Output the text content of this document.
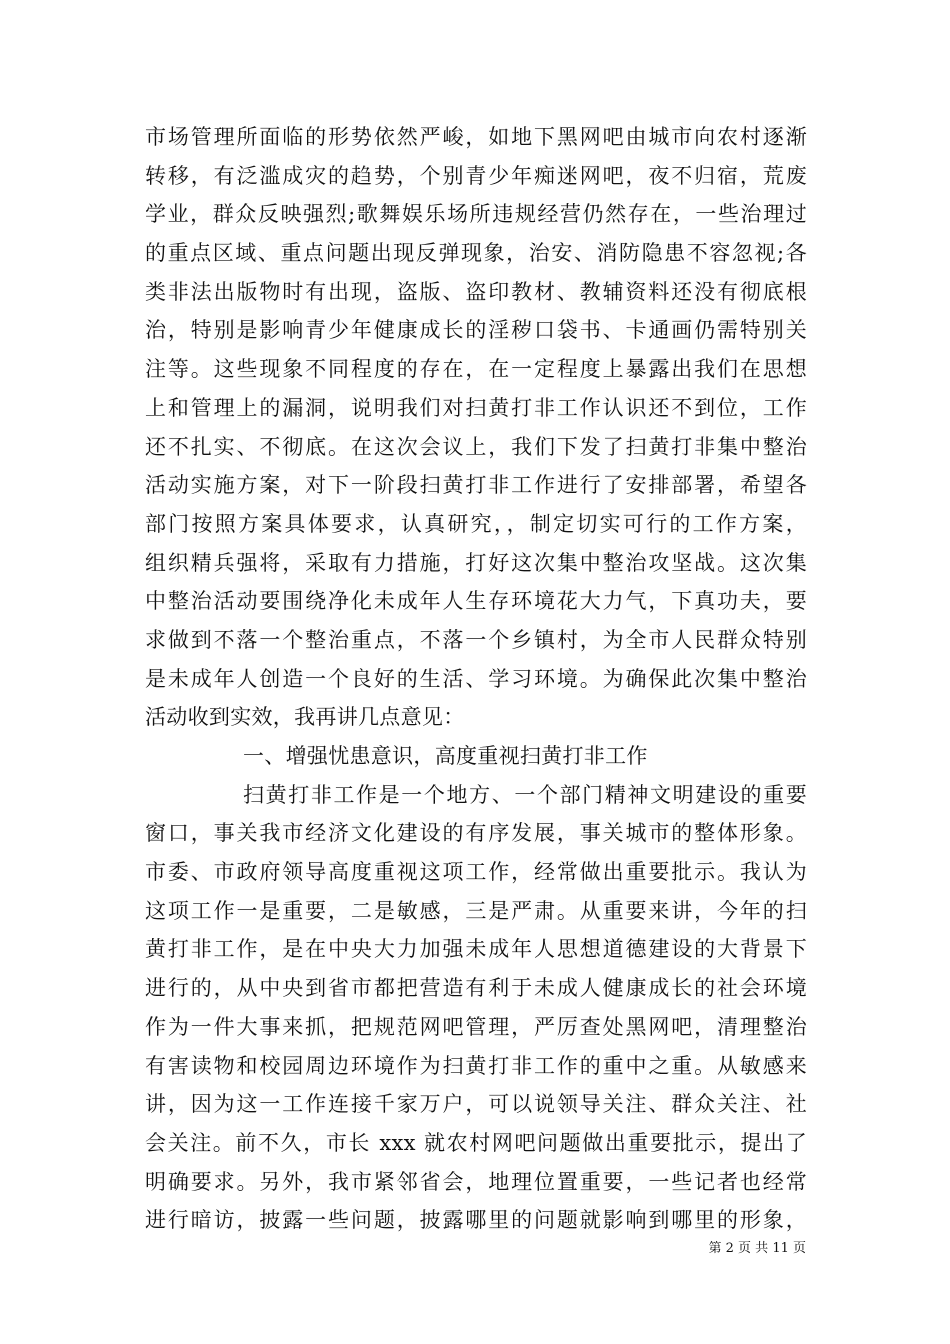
市场管理所面临的形势依然严峻，如地下黑网吧由城市向农村逐渐
转移，有泛滥成灾的趋势，个别青少年痴迷网吧，夜不归宿，荒废
学业，群众反映强烈;歌舞娱乐场所违规经营仍然存在，一些治理过
的重点区域、重点问题出现反弹现象，治安、消防隐患不容忽视;各
类非法出版物时有出现，盗版、盗印教材、教辅资料还没有彻底根
治，特别是影响青少年健康成长的淫秽口袋书、卡通画仍需特别关
注等。这些现象不同程度的存在，在一定程度上暴露出我们在思想
上和管理上的漏洞，说明我们对扫黄打非工作认识还不到位，工作
还不扎实、不彻底。在这次会议上，我们下发了扫黄打非集中整治
活动实施方案，对下一阶段扫黄打非工作进行了安排部署，希望各
部门按照方案具体要求，认真研究，，制定切实可行的工作方案，
组织精兵强将，采取有力措施，打好这次集中整治攻坚战。这次集
中整治活动要围绕净化未成年人生存环境花大力气，下真功夫，要
求做到不落一个整治重点，不落一个乡镇村，为全市人民群众特别
是未成年人创造一个良好的生活、学习环境。为确保此次集中整治
活动收到实效，我再讲几点意见：
一、增强忧患意识，高度重视扫黄打非工作
扫黄打非工作是一个地方、一个部门精神文明建设的重要
窗口，事关我市经济文化建设的有序发展，事关城市的整体形象。
市委、市政府领导高度重视这项工作，经常做出重要批示。我认为
这项工作一是重要，二是敏感，三是严肃。从重要来讲，今年的扫
黄打非工作，是在中央大力加强未成年人思想道德建设的大背景下
进行的，从中央到省市都把营造有利于未成人健康成长的社会环境
作为一件大事来抓，把规范网吧管理，严厉查处黑网吧，清理整治
有害读物和校园周边环境作为扫黄打非工作的重中之重。从敏感来
讲，因为这一工作连接千家万户，可以说领导关注、群众关注、社
会关注。前不久，市长 xxx 就农村网吧问题做出重要批示，提出了
明确要求。另外，我市紧邻省会，地理位置重要，一些记者也经常
进行暗访，披露一些问题，披露哪里的问题就影响到哪里的形象，
第 2 页 共 11 页
